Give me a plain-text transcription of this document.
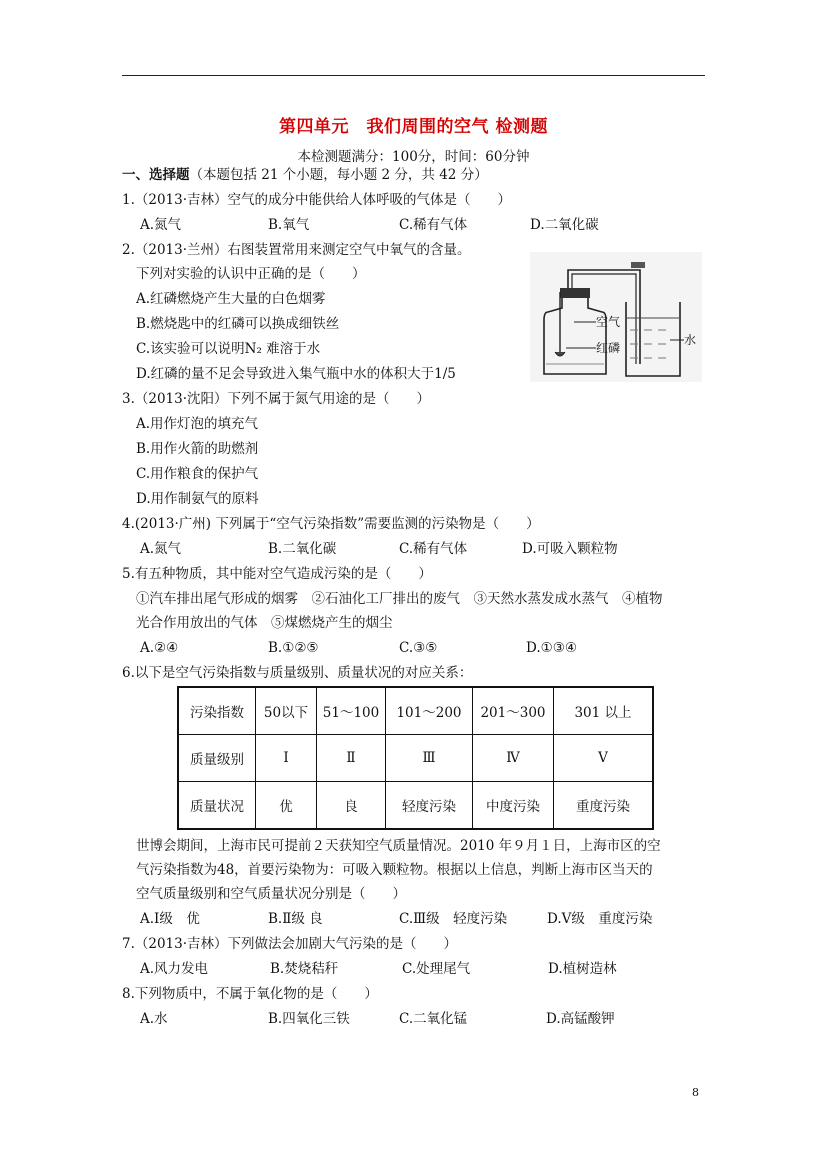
第四单元　我们周围的空气 检测题
本检测题满分：100分，时间：60分钟
一、选择题（本题包括 21 个小题，每小题 2 分，共 42 分）
1.（2013·吉林）空气的成分中能供给人体呼吸的气体是（　　）
A.氮气	B.氧气	C.稀有气体	D.二氧化碳
2.（2013·兰州）右图装置常用来测定空气中氧气的含量。
下列对实验的认识中正确的是（　　）
A.红磷燃烧产生大量的白色烟雾
B.燃烧匙中的红磷可以换成细铁丝
C.该实验可以说明N₂ 难溶于水
D.红磷的量不足会导致进入集气瓶中水的体积大于1/5
空气
红磷
水
3.（2013·沈阳）下列不属于氮气用途的是（　　）
A.用作灯泡的填充气
B.用作火箭的助燃剂
C.用作粮食的保护气
D.用作制氨气的原料
4.(2013·广州) 下列属于“空气污染指数”需要监测的污染物是（　　）
A.氮气	B.二氧化碳	C.稀有气体	D.可吸入颗粒物
5.有五种物质，其中能对空气造成污染的是（　　）
①汽车排出尾气形成的烟雾　②石油化工厂排出的废气　③天然水蒸发成水蒸气　④植物
光合作用放出的气体　⑤煤燃烧产生的烟尘
A.②④	B.①②⑤	C.③⑤	D.①③④
6.以下是空气污染指数与质量级别、质量状况的对应关系：
污染指数	50以下	51～100	101～200	201～300	301 以上
质量级别	Ⅰ	Ⅱ	Ⅲ	Ⅳ	Ⅴ
质量状况	优	良	轻度污染	中度污染	重度污染
世博会期间，上海市民可提前２天获知空气质量情况。2010 年９月１日，上海市区的空
气污染指数为48，首要污染物为：可吸入颗粒物。根据以上信息，判断上海市区当天的
空气质量级别和空气质量状况分别是（　　）
A.Ⅰ级　优	B.Ⅱ级 良	C.Ⅲ级　轻度污染	D.Ⅴ级　重度污染
7.（2013·吉林）下列做法会加剧大气污染的是（　　）
A.风力发电	B.焚烧秸秆	C.处理尾气	D.植树造林
8.下列物质中，不属于氧化物的是（　　）
A.水	B.四氧化三铁	C.二氧化锰	D.高锰酸钾
8
